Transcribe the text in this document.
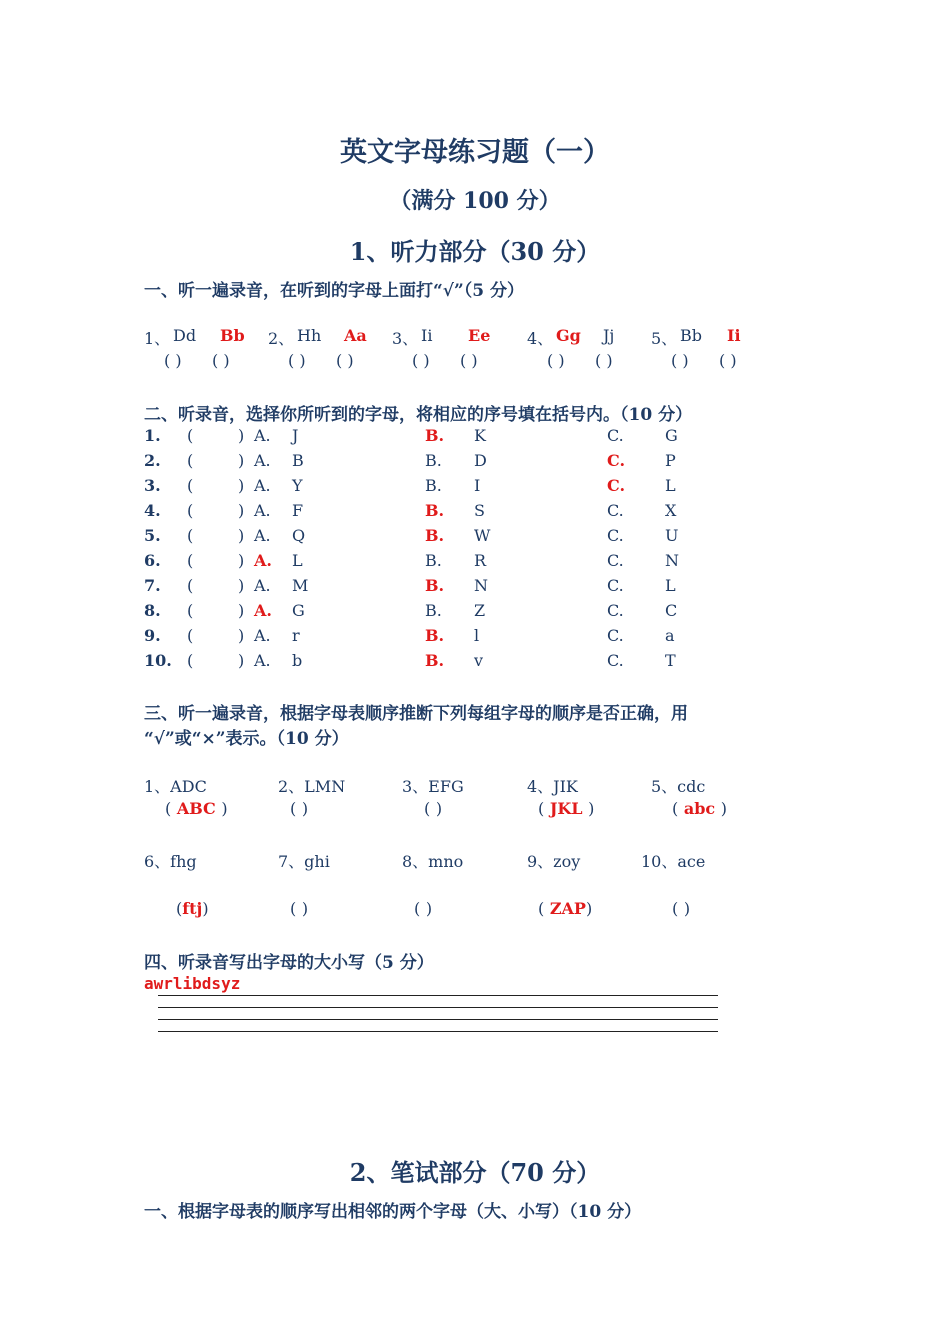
英文字母练习题（一）
（满分 100 分）
1、听力部分（30 分）
一、听一遍录音，在听到的字母上面打“√”（5 分）
1、 Dd Bb
( ) ( )
2、 Hh Aa
( ) ( )
3、 Ii Ee
( ) ( )
4、 Gg Jj
( ) ( )
5、 Bb Ii
( ) ( )
二、听录音，选择你所听到的字母，将相应的序号填在括号内。（10 分）
1. (	) A. J	B. K	C.	G
2. (	) A. B	B. D	C. P
3. (	) A. Y	B. I	C. L
4. (	) A. F	B. S	C.	X
5. (	) A. Q	B. W	C.	U
6. (	) A. L	B. R	C.	N
7. (	) A. M	B. N	C.	L
8. (	) A. G	B. Z	C.	C
9. (	) A. r	B. l	C.	a
10. (	) A. b	B. v	C.	T
三、听一遍录音，根据字母表顺序推断下列每组字母的顺序是否正确，用
“√”或“×”表示。（10 分）
1、ADC
( ABC )
2、LMN
( )
3、EFG
( )
4、JIK
( JKL )
5、cdc
( abc )
6、fhg
(ftj)
7、ghi
( )
8、mno
( )
9、zoy
( ZAP)
10、ace
( )
四、听录音写出字母的大小写（5 分）
awrlibdsyz
2、笔试部分（70 分）
一、根据字母表的顺序写出相邻的两个字母（大、小写）（10 分）
